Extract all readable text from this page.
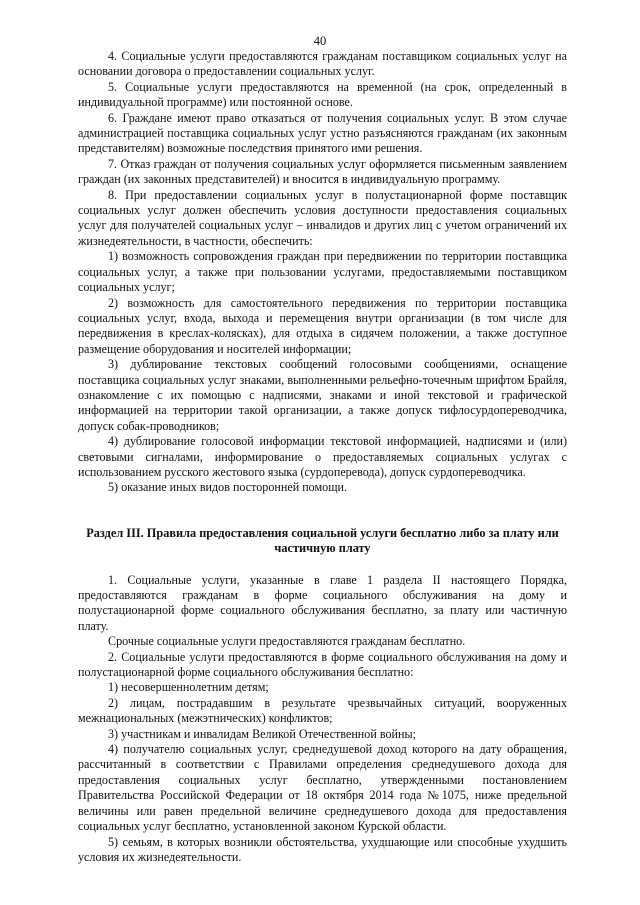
40

4. Социальные услуги предоставляются гражданам поставщиком социальных услуг на основании договора о предоставлении социальных услуг.

5. Социальные услуги предоставляются на временной (на срок, определенный в индивидуальной программе) или постоянной основе.

6. Граждане имеют право отказаться от получения социальных услуг. В этом случае администрацией поставщика социальных услуг устно разъясняются гражданам (их законным представителям) возможные последствия принятого ими решения.

7. Отказ граждан от получения социальных услуг оформляется письменным заявлением граждан (их законных представителей) и вносится в индивидуальную программу.

8. При предоставлении социальных услуг в полустационарной форме поставщик социальных услуг должен обеспечить условия доступности предоставления социальных услуг для получателей социальных услуг – инвалидов и других лиц с учетом ограничений их жизнедеятельности, в частности, обеспечить:

1) возможность сопровождения граждан при передвижении по территории поставщика социальных услуг, а также при пользовании услугами, предоставляемыми поставщиком социальных услуг;

2) возможность для самостоятельного передвижения по территории поставщика социальных услуг, входа, выхода и перемещения внутри организации (в том числе для передвижения в креслах-колясках), для отдыха в сидячем положении, а также доступное размещение оборудования и носителей информации;

3) дублирование текстовых сообщений голосовыми сообщениями, оснащение поставщика социальных услуг знаками, выполненными рельефно-точечным шрифтом Брайля, ознакомление с их помощью с надписями, знаками и иной текстовой и графической информацией на территории такой организации, а также допуск тифлосурдопереводчика, допуск собак-проводников;

4) дублирование голосовой информации текстовой информацией, надписями и (или) световыми сигналами, информирование о предоставляемых социальных услугах с использованием русского жестового языка (сурдоперевода), допуск сурдопереводчика.

5) оказание иных видов посторонней помощи.

Раздел III. Правила предоставления социальной услуги бесплатно либо за плату или частичную плату

1. Социальные услуги, указанные в главе 1 раздела II настоящего Порядка, предоставляются гражданам в форме социального обслуживания на дому и полустационарной форме социального обслуживания бесплатно, за плату или частичную плату.

Срочные социальные услуги предоставляются гражданам бесплатно.

2. Социальные услуги предоставляются в форме социального обслуживания на дому и полустационарной форме социального обслуживания бесплатно:

1) несовершеннолетним детям;

2) лицам, пострадавшим в результате чрезвычайных ситуаций, вооруженных межнациональных (межэтнических) конфликтов;

3) участникам и инвалидам Великой Отечественной войны;

4) получателю социальных услуг, среднедушевой доход которого на дату обращения, рассчитанный в соответствии с Правилами определения среднедушевого дохода для предоставления социальных услуг бесплатно, утвержденными постановлением Правительства Российской Федерации от 18 октября 2014 года №1075, ниже предельной величины или равен предельной величине среднедушевого дохода для предоставления социальных услуг бесплатно, установленной законом Курской области.

5) семьям, в которых возникли обстоятельства, ухудшающие или способные ухудшить условия их жизнедеятельности.
